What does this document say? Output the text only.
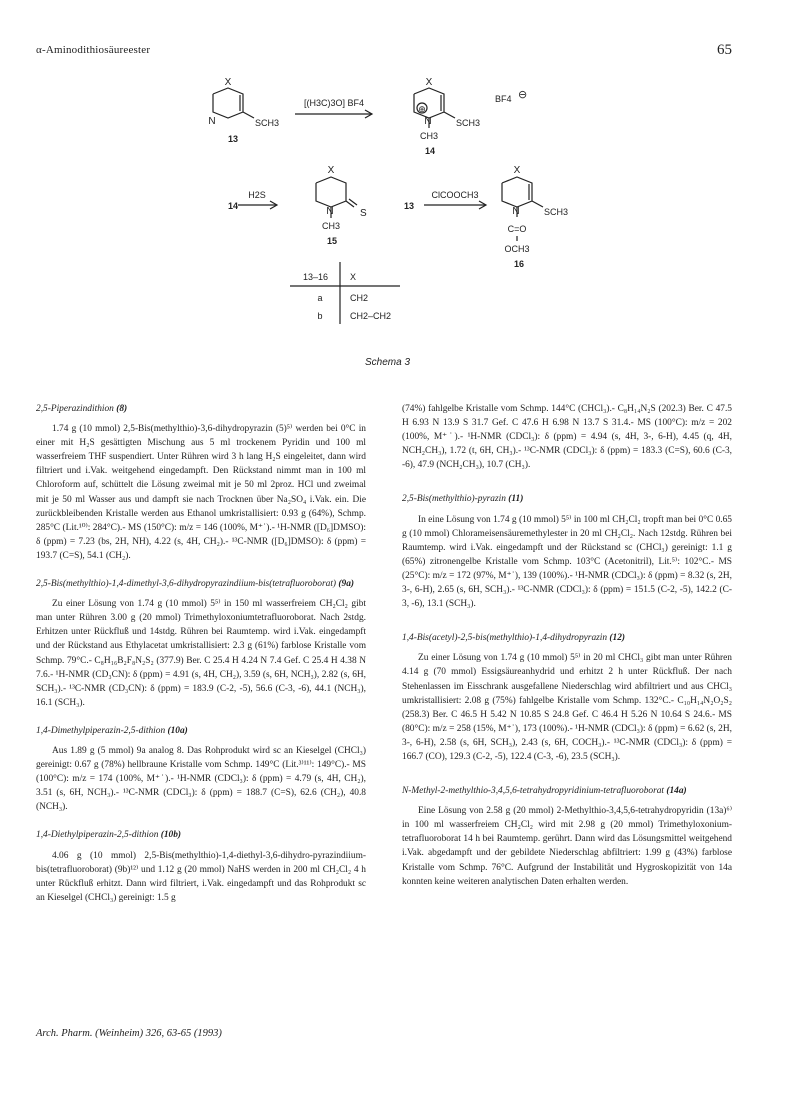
α-Aminodithiosäureester	65
X
N	SCH3
13
[(H3C)3O] BF4
X
⊕
N	SCH3
CH3
14
BF4 ⊖
14
H2S
X
N	S
CH3
15
13
ClCOOCH3
X
N	SCH3
C=O
OCH3
16
13–16 X
a	CH2
b	CH2–CH2
Schema 3
2,5-Piperazindithion (8)

1.74 g (10 mmol) 2,5-Bis(methylthio)-3,6-dihydropyrazin (5)⁵⁾ werden bei 0°C in einer mit H₂S gesättigten Mischung aus 5 ml trockenem Pyridin und 100 ml wasserfreiem THF suspendiert. Unter Rühren wird 3 h lang H₂S eingeleitet, dann wird filtriert und i.Vak. weitgehend eingedampft. Den Rückstand nimmt man in 100 ml Chloroform auf, schüttelt die Lösung zweimal mit je 50 ml 2proz. HCl und zweimal mit je 50 ml Wasser aus und dampft sie nach Trocknen über Na₂SO₄ i.Vak. ein. Die zurückbleibenden Kristalle werden aus Ethanol umkristallisiert: 0.93 g (64%), Schmp. 285°C (Lit.¹⁰⁾: 284°C).- MS (150°C): m/z = 146 (100%, M⁺˙).- ¹H-NMR ([D₆]DMSO): δ (ppm) = 7.23 (bs, 2H, NH), 4.22 (s, 4H, CH₂).- ¹³C-NMR ([D₆]DMSO): δ (ppm) = 193.7 (C=S), 54.1 (CH₂).

2,5-Bis(methylthio)-1,4-dimethyl-3,6-dihydropyrazindiium-bis(tetrafluoroborat) (9a)

Zu einer Lösung von 1.74 g (10 mmol) 5⁵⁾ in 150 ml wasserfreiem CH₂Cl₂ gibt man unter Rühren 3.00 g (20 mmol) Trimethyloxoniumtetrafluoroborat. Nach 2stdg. Erhitzen unter Rückfluß und 14stdg. Rühren bei Raumtemp. wird i.Vak. eingedampft und der Rückstand aus Ethylacetat umkristallisiert: 2.3 g (61%) farblose Kristalle vom Schmp. 79°C.- C₈H₁₆B₂F₈N₂S₂ (377.9) Ber. C 25.4 H 4.24 N 7.4 Gef. C 25.4 H 4.38 N 7.6.- ¹H-NMR (CD₃CN): δ (ppm) = 4.91 (s, 4H, CH₂), 3.59 (s, 6H, NCH₃), 2.82 (s, 6H, SCH₃).- ¹³C-NMR (CD₃CN): δ (ppm) = 183.9 (C-2, -5), 56.6 (C-3, -6), 44.1 (NCH₃), 16.1 (SCH₃).

1,4-Dimethylpiperazin-2,5-dithion (10a)

Aus 1.89 g (5 mmol) 9a analog 8. Das Rohprodukt wird sc an Kieselgel (CHCl₃) gereinigt: 0.67 g (78%) hellbraune Kristalle vom Schmp. 149°C (Lit.³⁾¹¹⁾: 149°C).- MS (100°C): m/z = 174 (100%, M⁺˙).- ¹H-NMR (CDCl₃): δ (ppm) = 4.79 (s, 4H, CH₂), 3.51 (s, 6H, NCH₃).- ¹³C-NMR (CDCl₃): δ (ppm) = 188.7 (C=S), 62.6 (CH₂), 40.8 (NCH₃).

1,4-Diethylpiperazin-2,5-dithion (10b)

4.06 g (10 mmol) 2,5-Bis(methylthio)-1,4-diethyl-3,6-dihydro-pyrazindiium-bis(tetrafluoroborat) (9b)¹²⁾ und 1.12 g (20 mmol) NaHS werden in 200 ml CH₂Cl₂ 4 h unter Rückfluß erhitzt. Dann wird filtriert, i.Vak. eingedampft und das Rohprodukt sc an Kieselgel (CHCl₃) gereinigt: 1.5 g

(74%) fahlgelbe Kristalle vom Schmp. 144°C (CHCl₃).- C₈H₁₄N₂S (202.3) Ber. C 47.5 H 6.93 N 13.9 S 31.7 Gef. C 47.6 H 6.98 N 13.7 S 31.4.- MS (100°C): m/z = 202 (100%, M⁺˙).- ¹H-NMR (CDCl₃): δ (ppm) = 4.94 (s, 4H, 3-, 6-H), 4.45 (q, 4H, NCH₂CH₃), 1.72 (t, 6H, CH₃).- ¹³C-NMR (CDCl₃): δ (ppm) = 183.3 (C=S), 60.6 (C-3, -6), 47.9 (NCH₂CH₃), 10.7 (CH₃).

2,5-Bis(methylthio)-pyrazin (11)

In eine Lösung von 1.74 g (10 mmol) 5⁵⁾ in 100 ml CH₂Cl₂ tropft man bei 0°C 0.65 g (10 mmol) Chlorameisensäuremethylester in 20 ml CH₂Cl₂. Nach 12stdg. Rühren bei Raumtemp. wird i.Vak. eingedampft und der Rückstand sc (CHCl₃) gereinigt: 1.1 g (65%) zitronengelbe Kristalle vom Schmp. 103°C (Acetonitril), Lit.⁵⁾: 102°C.- MS (25°C): m/z = 172 (97%, M⁺˙), 139 (100%).- ¹H-NMR (CDCl₃): δ (ppm) = 8.32 (s, 2H, 3-, 6-H), 2.65 (s, 6H, SCH₃).- ¹³C-NMR (CDCl₃): δ (ppm) = 151.5 (C-2, -5), 142.2 (C-3, -6), 13.1 (SCH₃).

1,4-Bis(acetyl)-2,5-bis(methylthio)-1,4-dihydropyrazin (12)

Zu einer Lösung von 1.74 g (10 mmol) 5⁵⁾ in 20 ml CHCl₃ gibt man unter Rühren 4.14 g (70 mmol) Essigsäureanhydrid und erhitzt 2 h unter Rückfluß. Der nach Stehenlassen im Eisschrank ausgefallene Niederschlag wird abfiltriert und aus CHCl₃ umkristallisiert: 2.08 g (75%) fahlgelbe Kristalle vom Schmp. 132°C.- C₁₀H₁₄N₂O₂S₂ (258.3) Ber. C 46.5 H 5.42 N 10.85 S 24.8 Gef. C 46.4 H 5.26 N 10.64 S 24.6.- MS (80°C): m/z = 258 (15%, M⁺˙), 173 (100%).- ¹H-NMR (CDCl₃): δ (ppm) = 6.62 (s, 2H, 3-, 6-H), 2.58 (s, 6H, SCH₃), 2.43 (s, 6H, COCH₃).- ¹³C-NMR (CDCl₃): δ (ppm) = 166.7 (CO), 129.3 (C-2, -5), 122.4 (C-3, -6), 23.5 (SCH₃).

N-Methyl-2-methylthio-3,4,5,6-tetrahydropyridinium-tetrafluoroborat (14a)

Eine Lösung von 2.58 g (20 mmol) 2-Methylthio-3,4,5,6-tetrahydropyridin (13a)⁶⁾ in 100 ml wasserfreiem CH₂Cl₂ wird mit 2.98 g (20 mmol) Trimethyloxonium-tetrafluoroborat 14 h bei Raumtemp. gerührt. Dann wird das Lösungsmittel weitgehend i.Vak. abgedampft und der gebildete Niederschlag abfiltriert: 1.99 g (43%) farblose Kristalle vom Schmp. 76°C. Aufgrund der Instabilität und Hygroskopizität von 14a konnten keine weiteren analytischen Daten erhalten werden.

Arch. Pharm. (Weinheim) 326, 63-65 (1993)
